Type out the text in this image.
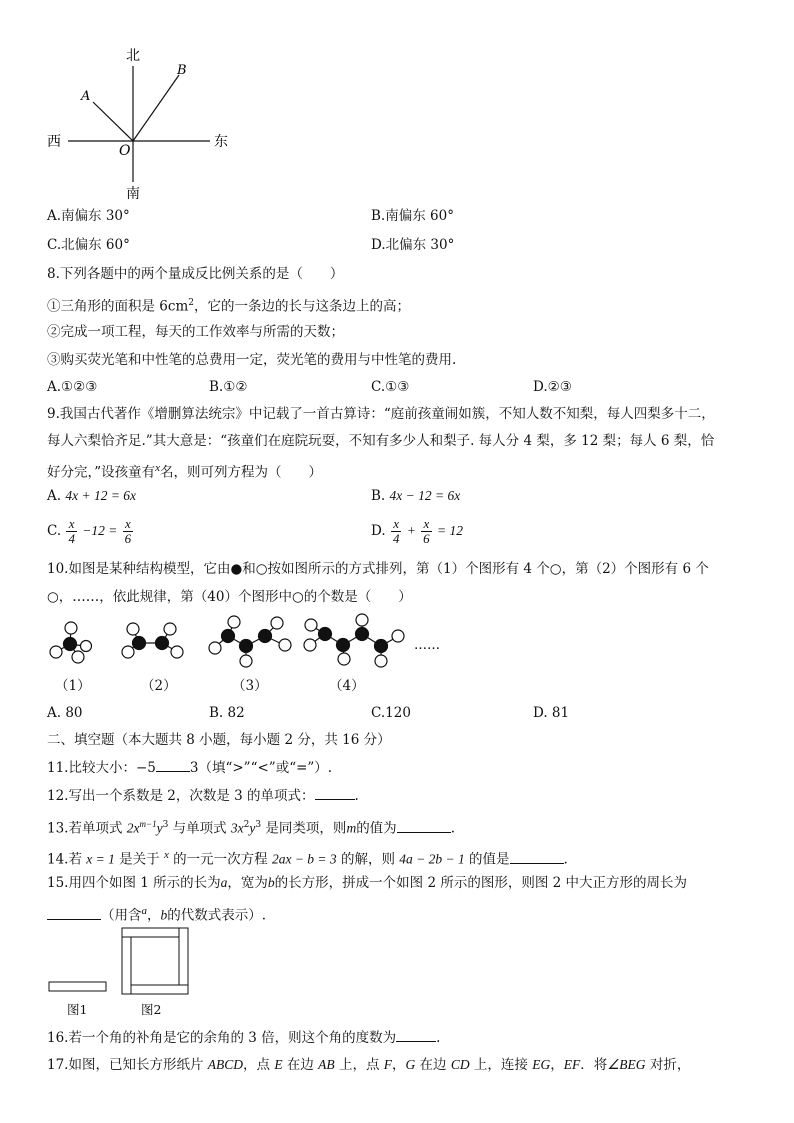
北
南
西	东
O
A
B
A.南偏东 30°	B.南偏东 60°
C.北偏东 60°	D.北偏东 30°
8.下列各题中的两个量成反比例关系的是（　　）
①三角形的面积是 $6cm^2$，它的一条边的长与这条边上的高；
②完成一项工程，每天的工作效率与所需的天数；
③购买荧光笔和中性笔的总费用一定，荧光笔的费用与中性笔的费用.
A.①②③	B.①②	C.①③	D.②③
9.我国古代著作《增删算法统宗》中记载了一首古算诗：“庭前孩童闹如簇，不知人数不知梨，每人四梨多十二，
每人六梨恰齐足.”其大意是：“孩童们在庭院玩耍，不知有多少人和梨子. 每人分 4 梨，多 12 梨；每人 6 梨，恰
好分完，”设孩童有$^x$名，则可列方程为（　　）
A. 4x + 12 = 6x	B. 4x − 12 = 6x
C. $\frac{x}{4} -12 = \frac{x}{6}$	D. $\frac{x}{4} + \frac{x}{6} = 12$
10.如图是某种结构模型，它由●和○按如图所示的方式排列，第（1）个图形有 4 个○，第（2）个图形有 6 个
○，……，依此规律，第（40）个图形中○的个数是（　　）
……
（1）	（2）	（3）	（4）
A. 80	B. 82	C.120	D. 81
二、填空题（本大题共 8 小题，每小题 2 分，共 16 分）
11.比较大小：−5	3（填“>”“<”或“=”）.
12.写出一个系数是 2，次数是 3 的单项式：	.
13.若单项式 $2x^{m-1}y^3$ 与单项式 $3x^2y^3$ 是同类项，则m的值为	.
14.若 x = 1 是关于 $^x$ 的一元一次方程 2ax − b = 3 的解，则 4a − 2b − 1 的值是	.
15.用四个如图 1 所示的长为a，宽为b的长方形，拼成一个如图 2 所示的图形，则图 2 中大正方形的周长为
（用含$^a$，b的代数式表示）.
图1	图2
16.若一个角的补角是它的余角的 3 倍，则这个角的度数为	.
17.如图，已知长方形纸片 ABCD，点 E 在边 AB 上，点 F，G 在边 CD 上，连接 EG，EF．将∠BEG 对折，
